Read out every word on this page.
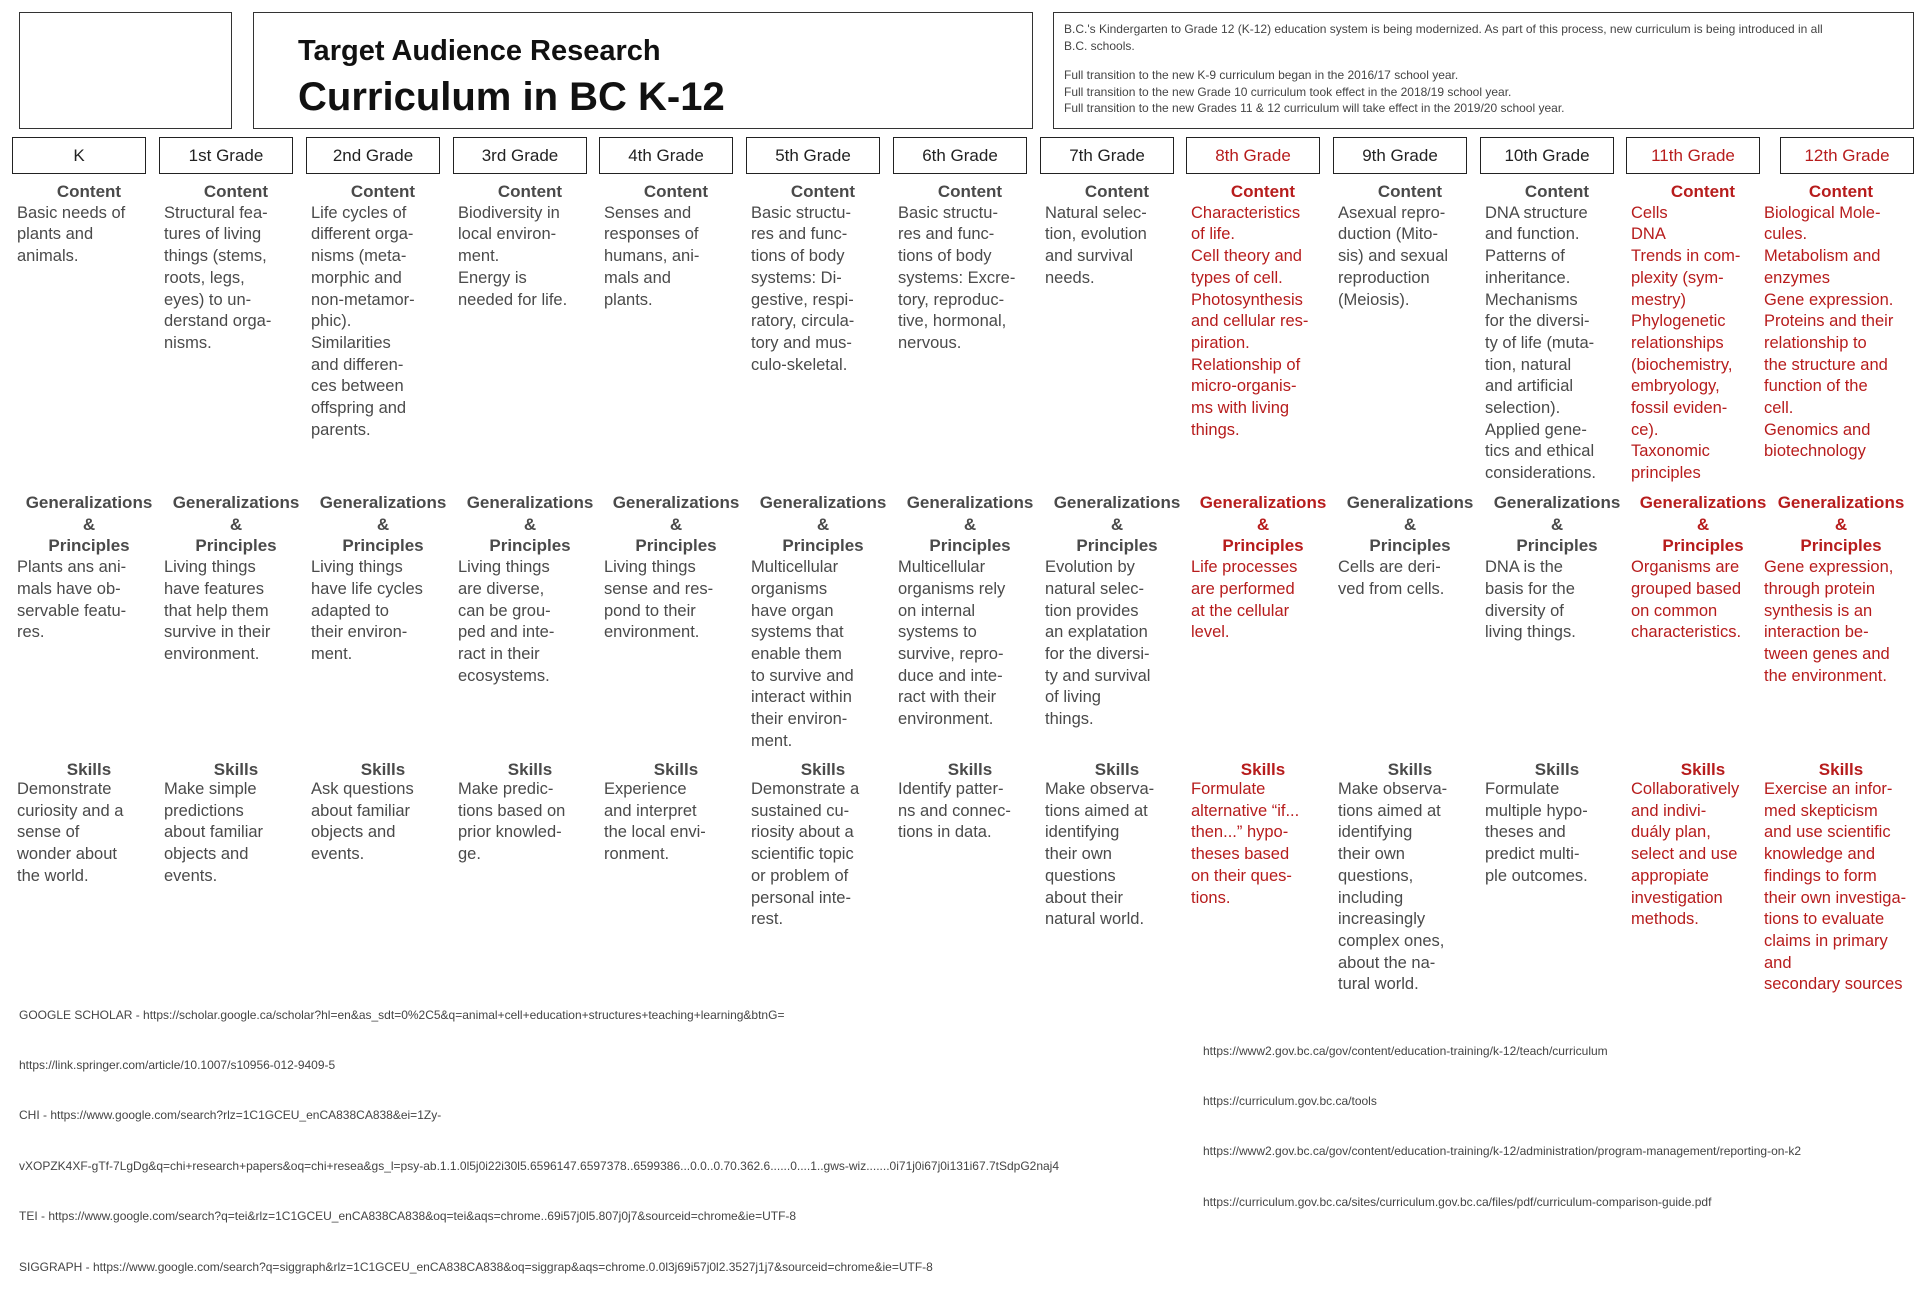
Target Audience Research
Curriculum in BC K-12

B.C.'s Kindergarten to Grade 12 (K-12) education system is being modernized. As part of this process, new curriculum is being introduced in all

B.C. schools.

Full transition to the new K-9 curriculum began in the 2016/17 school year.

Full transition to the new Grade 10 curriculum took effect in the 2018/19 school year.

Full transition to the new Grades 11 & 12 curriculum will take effect in the 2019/20 school year.

K
Content
Basic needs of
plants and
animals.
Generalizations
&
Principles
Plants ans ani-
mals have ob-
servable featu-
res.
Skills
Demonstrate
curiosity and a
sense of
wonder about
the world.
1st Grade
Content
Structural fea-
tures of living
things (stems,
roots, legs,
eyes) to un-
derstand orga-
nisms.
Generalizations
&
Principles
Living things
have features
that help them
survive in their
environment.
Skills
Make simple
predictions
about familiar
objects and
events.
2nd Grade
Content
Life cycles of
different orga-
nisms (meta-
morphic and
non-metamor-
phic).
Similarities
and differen-
ces between
offspring and
parents.
Generalizations
&
Principles
Living things
have life cycles
adapted to
their environ-
ment.
Skills
Ask questions
about familiar
objects and
events.
3rd Grade
Content
Biodiversity in
local environ-
ment.
Energy is
needed for life.
Generalizations
&
Principles
Living things
are diverse,
can be grou-
ped and inte-
ract in their
ecosystems.
Skills
Make predic-
tions based on
prior knowled-
ge.
4th Grade
Content
Senses and
responses of
humans, ani-
mals and
plants.
Generalizations
&
Principles
Living things
sense and res-
pond to their
environment.
Skills
Experience
and interpret
the local envi-
ronment.
5th Grade
Content
Basic structu-
res and func-
tions of body
systems: Di-
gestive, respi-
ratory, circula-
tory and mus-
culo-skeletal.
Generalizations
&
Principles
Multicellular
organisms
have organ
systems that
enable them
to survive and
interact within
their environ-
ment.
Skills
Demonstrate a
sustained cu-
riosity about a
scientific topic
or problem of
personal inte-
rest.
6th Grade
Content
Basic structu-
res and func-
tions of body
systems: Excre-
tory, reproduc-
tive, hormonal,
nervous.
Generalizations
&
Principles
Multicellular
organisms rely
on internal
systems to
survive, repro-
duce and inte-
ract with their
environment.
Skills
Identify patter-
ns and connec-
tions in data.
7th Grade
Content
Natural selec-
tion, evolution
and survival
needs.
Generalizations
&
Principles
Evolution by
natural selec-
tion provides
an explatation
for the diversi-
ty and survival
of living
things.
Skills
Make observa-
tions aimed at
identifying
their own
questions
about their
natural world.
8th Grade
Content
Characteristics
of life.
Cell theory and
types of cell.
Photosynthesis
and cellular res-
piration.
Relationship of
micro-organis-
ms with living
things.
Generalizations
&
Principles
Life processes
are performed
at the cellular
level.
Skills
Formulate
alternative “if...
then...” hypo-
theses based
on their ques-
tions.
9th Grade
Content
Asexual repro-
duction (Mito-
sis) and sexual
reproduction
(Meiosis).
Generalizations
&
Principles
Cells are deri-
ved from cells.
Skills
Make observa-
tions aimed at
identifying
their own
questions,
including
increasingly
complex ones,
about the na-
tural world.
10th Grade
Content
DNA structure
and function.
Patterns of
inheritance.
Mechanisms
for the diversi-
ty of life (muta-
tion, natural
and artificial
selection).
Applied gene-
tics and ethical
considerations.
Generalizations
&
Principles
DNA is the
basis for the
diversity of
living things.
Skills
Formulate
multiple hypo-
theses and
predict multi-
ple outcomes.
11th Grade
Content
Cells
DNA
Trends in com-
plexity (sym-
mestry)
Phylogenetic
relationships
(biochemistry,
embryology,
fossil eviden-
ce).
Taxonomic
principles
Generalizations
&
Principles
Organisms are
grouped based
on common
characteristics.
Skills
Collaboratively
and indivi-
duály plan,
select and use
appropiate
investigation
methods.
12th Grade
Content
Biological Mole-
cules.
Metabolism and
enzymes
Gene expression.
Proteins and their
relationship to
the structure and
function of the
cell.
Genomics and
biotechnology
Generalizations
&
Principles
Gene expression,
through protein
synthesis is an
interaction be-
tween genes and
the environment.
Skills
Exercise an infor-
med skepticism
and use scientific
knowledge and
findings to form
their own investiga-
tions to evaluate
claims in primary
and
secondary sources

GOOGLE SCHOLAR - https://scholar.google.ca/scholar?hl=en&as_sdt=0%2C5&q=animal+cell+education+structures+teaching+learning&btnG=

https://link.springer.com/article/10.1007/s10956-012-9409-5

CHI - https://www.google.com/search?rlz=1C1GCEU_enCA838CA838&ei=1Zy-

vXOPZK4XF-gTf-7LgDg&q=chi+research+papers&oq=chi+resea&gs_l=psy-ab.1.1.0l5j0i22i30l5.6596147.6597378..6599386...0.0..0.70.362.6......0....1..gws-wiz.......0i71j0i67j0i131i67.7tSdpG2naj4

TEI - https://www.google.com/search?q=tei&rlz=1C1GCEU_enCA838CA838&oq=tei&aqs=chrome..69i57j0l5.807j0j7&sourceid=chrome&ie=UTF-8

SIGGRAPH - https://www.google.com/search?q=siggraph&rlz=1C1GCEU_enCA838CA838&oq=siggrap&aqs=chrome.0.0l3j69i57j0l2.3527j1j7&sourceid=chrome&ie=UTF-8

https://www2.gov.bc.ca/gov/content/education-training/k-12/teach/curriculum

https://curriculum.gov.bc.ca/tools

https://www2.gov.bc.ca/gov/content/education-training/k-12/administration/program-management/reporting-on-k2

https://curriculum.gov.bc.ca/sites/curriculum.gov.bc.ca/files/pdf/curriculum-comparison-guide.pdf
